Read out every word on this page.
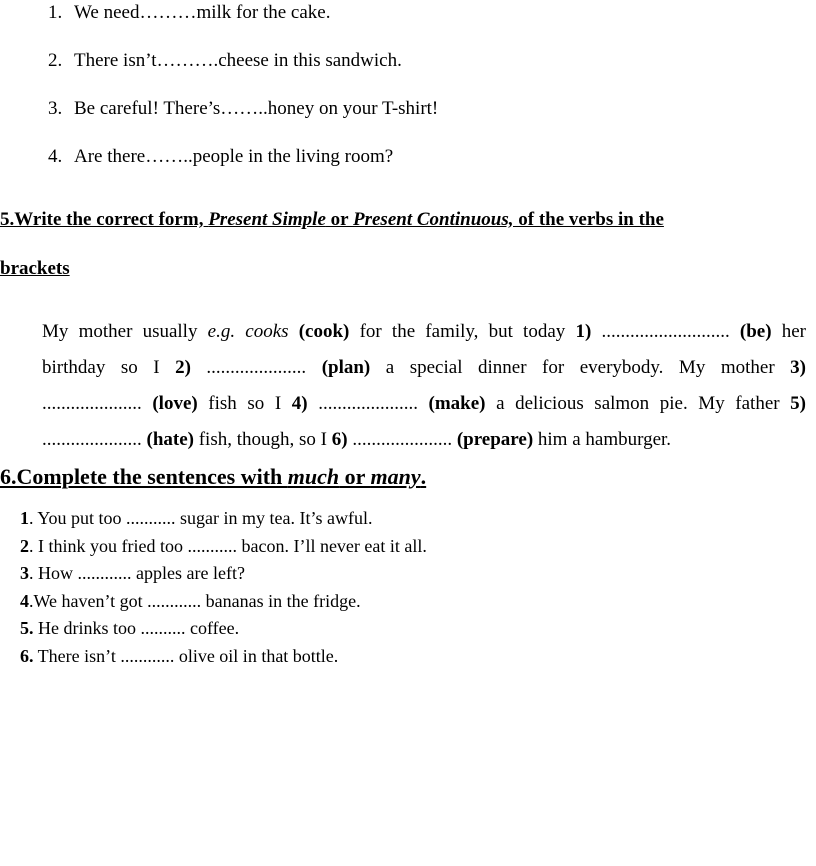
1. We need………milk for the cake.
2. There isn’t……….cheese in this sandwich.
3. Be careful! There’s……..honey on your T-shirt!
4. Are there……..people in the living room?

5.Write the correct form, Present Simple or Present Continuous, of the verbs in the

brackets

My mother usually e.g. cooks (cook) for the family, but today 1) ........................... (be) her
birthday so I 2) ..................... (plan) a special dinner for everybody. My mother 3)
..................... (love) fish so I 4) ..................... (make) a delicious salmon pie. My father 5)
..................... (hate) fish, though, so I 6) ..................... (prepare) him a hamburger.

6.Complete the sentences with much or many.

1. You put too ........... sugar in my tea. It’s awful.
2. I think you fried too ........... bacon. I’ll never eat it all.
3. How ............ apples are left?
4.We haven’t got ............ bananas in the fridge.
5. He drinks too .......... coffee.
6. There isn’t ............ olive oil in that bottle.
